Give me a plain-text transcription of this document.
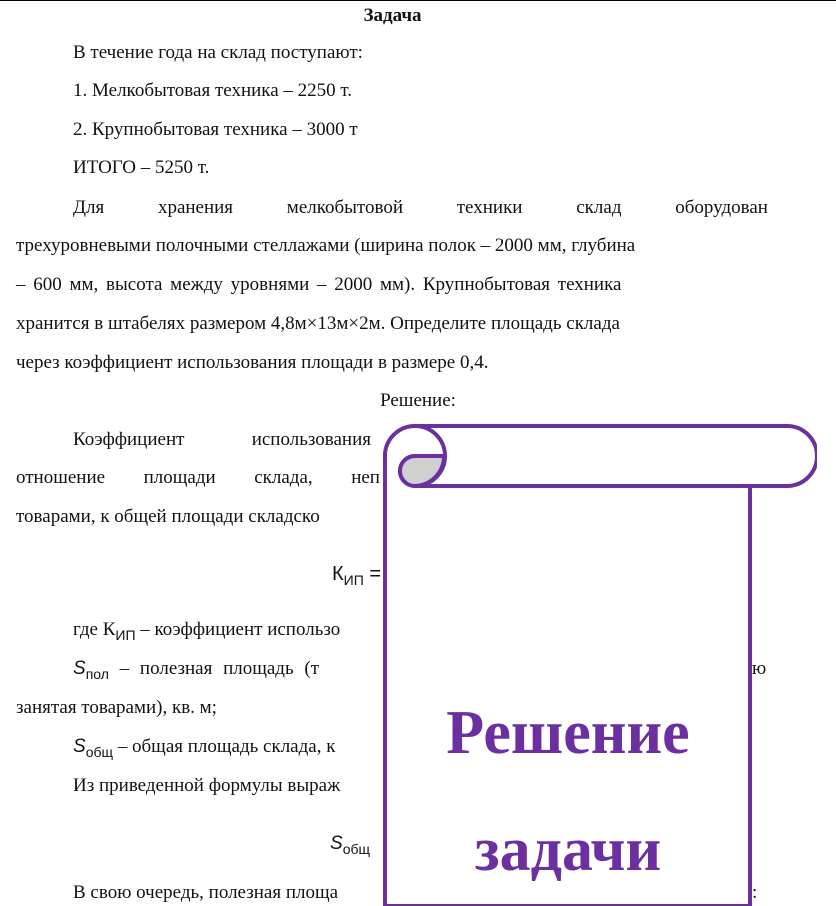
Задача
В течение года на склад поступают:
1. Мелкобытовая техника – 2250 т.
2. Крупнобытовая техника – 3000 т
ИТОГО – 5250 т.
Для	хранения	мелкобытовой	техники	склад	оборудован
трехуровневыми полочными стеллажами (ширина полок – 2000 мм, глубина
– 600 мм, высота между уровнями – 2000 мм). Крупнобытовая техника
хранится в штабелях размером 4,8м×13м×2м. Определите площадь склада
через коэффициент использования площади в размере 0,4.
Решение:
Коэффициент	использования
отношение площади склада, неп
товарами, к общей площади складско
$К_{ИП}$ =
где $К_{ИП}$ – коэффициент использо
$S_{пол}$ – полезная площадь (т	ю
занятая товарами), кв. м;
$S_{общ}$ – общая площадь склада, к
Из приведенной формулы выраж
$S_{общ}$
В свою очередь, полезная площа	:
Решение
задачи
